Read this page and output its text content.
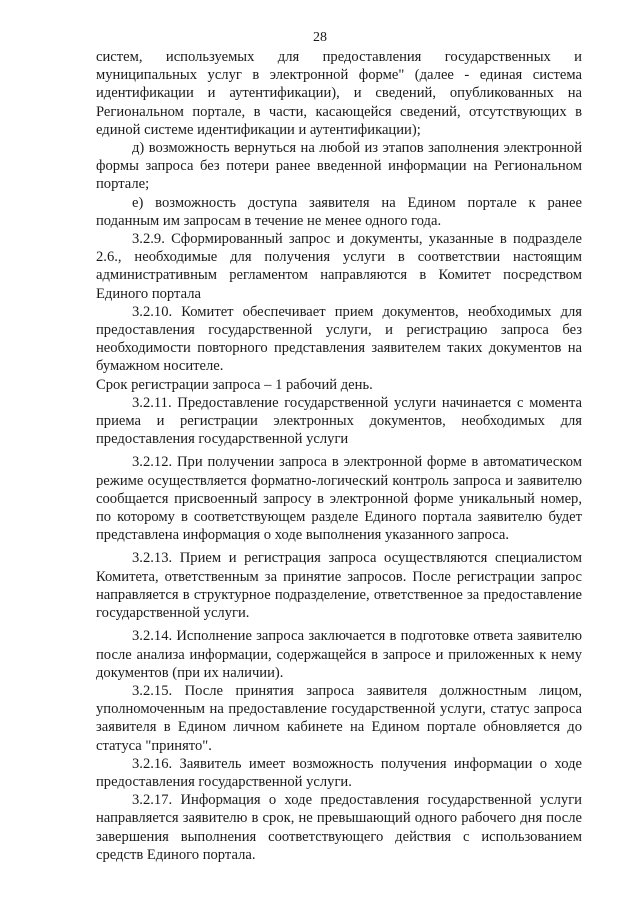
28

систем, используемых для предоставления государственных и муниципальных услуг в электронной форме" (далее - единая система идентификации и аутентификации), и сведений, опубликованных на Региональном портале, в части, касающейся сведений, отсутствующих в единой системе идентификации и аутентификации);

д) возможность вернуться на любой из этапов заполнения электронной формы запроса без потери ранее введенной информации на Региональном портале;

е) возможность доступа заявителя на Едином портале к ранее поданным им запросам в течение не менее одного года.

3.2.9. Сформированный запрос и документы, указанные в подразделе 2.6., необходимые для получения услуги в соответствии настоящим административным регламентом направляются в Комитет посредством Единого портала

3.2.10. Комитет обеспечивает прием документов, необходимых для предоставления государственной услуги, и регистрацию запроса без необходимости повторного представления заявителем таких документов на бумажном носителе.

Срок регистрации запроса – 1 рабочий день.

3.2.11. Предоставление государственной услуги начинается с момента приема и регистрации электронных документов, необходимых для предоставления государственной услуги

3.2.12. При получении запроса в электронной форме в автоматическом режиме осуществляется форматно-логический контроль запроса и заявителю сообщается присвоенный запросу в электронной форме уникальный номер, по которому в соответствующем разделе Единого портала заявителю будет представлена информация о ходе выполнения указанного запроса.

3.2.13. Прием и регистрация запроса осуществляются специалистом Комитета, ответственным за принятие запросов. После регистрации запрос направляется в структурное подразделение, ответственное за предоставление государственной услуги.

3.2.14. Исполнение запроса заключается в подготовке ответа заявителю после анализа информации, содержащейся в запросе и приложенных к нему документов (при их наличии).

3.2.15. После принятия запроса заявителя должностным лицом, уполномоченным на предоставление государственной услуги, статус запроса заявителя в Едином личном кабинете на Едином портале обновляется до статуса "принято".

3.2.16. Заявитель имеет возможность получения информации о ходе предоставления государственной услуги.

3.2.17. Информация о ходе предоставления государственной услуги направляется заявителю в срок, не превышающий одного рабочего дня после завершения выполнения соответствующего действия с использованием средств Единого портала.
